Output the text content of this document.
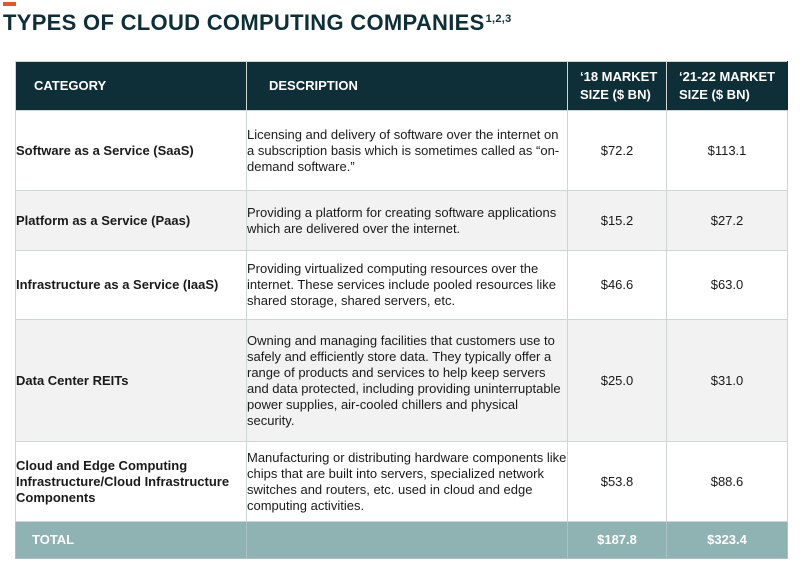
TYPES OF CLOUD COMPUTING COMPANIES$^{1,2,3}$
CATEGORY	DESCRIPTION	‘18 MARKET SIZE ($ BN)	‘21-22 MARKET SIZE ($ BN)
Software as a Service (SaaS)	Licensing and delivery of software over the internet on a subscription basis which is sometimes called as “on-demand software.”	$72.2	$113.1
Platform as a Service (Paas)	Providing a platform for creating software applications which are delivered over the internet.	$15.2	$27.2
Infrastructure as a Service (IaaS)	Providing virtualized computing resources over the internet. These services include pooled resources like shared storage, shared servers, etc.	$46.6	$63.0
Data Center REITs	Owning and managing facilities that customers use to safely and efficiently store data. They typically offer a range of products and services to help keep servers and data protected, including providing uninterruptable power supplies, air-cooled chillers and physical security.	$25.0	$31.0
Cloud and Edge Computing Infrastructure/Cloud Infrastructure Components	Manufacturing or distributing hardware components like chips that are built into servers, specialized network switches and routers, etc. used in cloud and edge computing activities.	$53.8	$88.6
TOTAL		$187.8	$323.4
